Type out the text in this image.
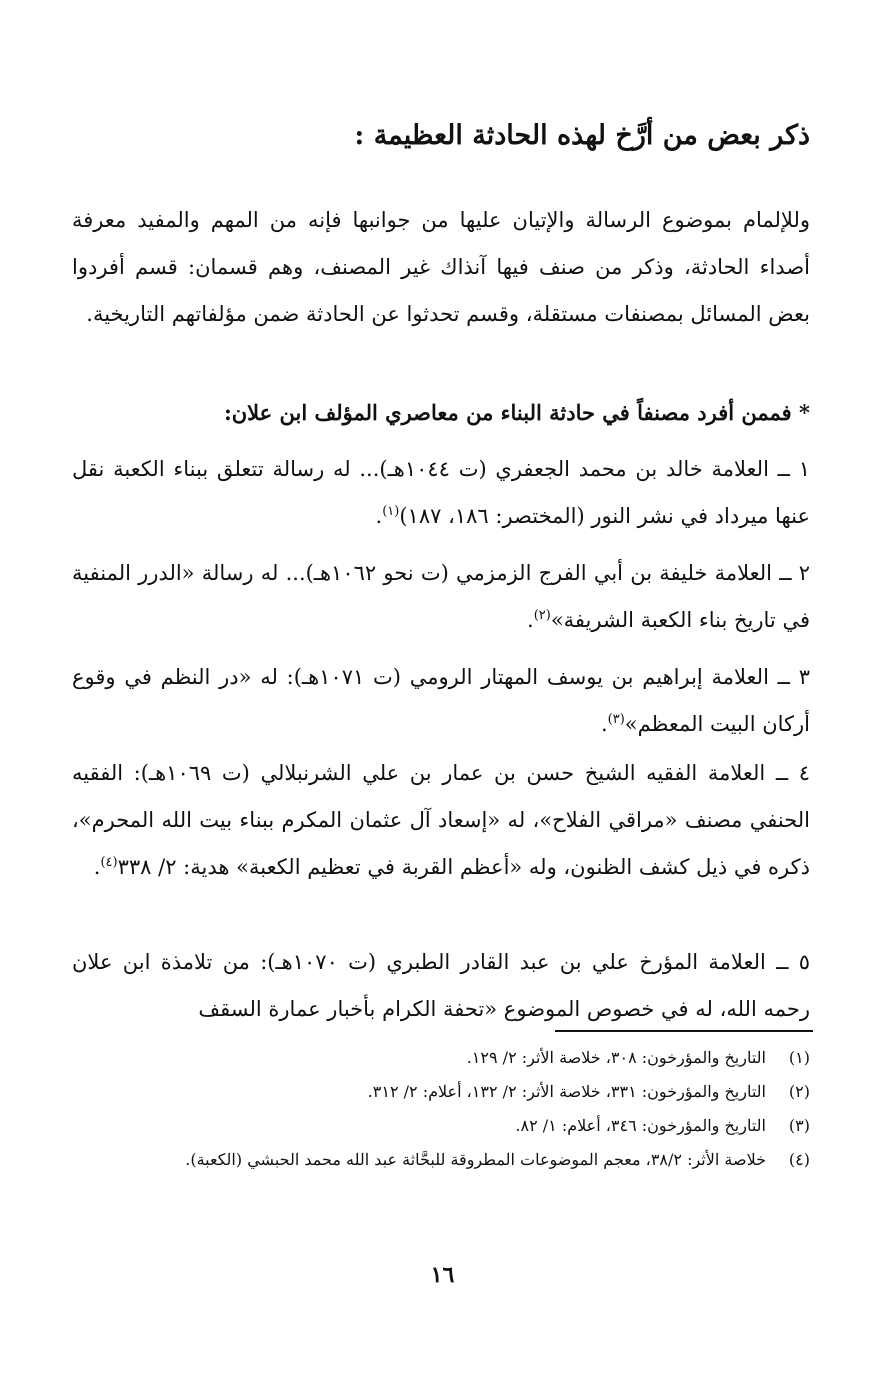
ذكر بعض من أرَّخ لهذه الحادثة العظيمة :

وللإلمام بموضوع الرسالة والإتيان عليها من جوانبها فإنه من المهم والمفيد معرفة أصداء الحادثة، وذكر من صنف فيها آنذاك غير المصنف، وهم قسمان: قسم أفردوا بعض المسائل بمصنفات مستقلة، وقسم تحدثوا عن الحادثة ضمن مؤلفاتهم التاريخية.

* فممن أفرد مصنفاً في حادثة البناء من معاصري المؤلف ابن علان:

١ ــ العلامة خالد بن محمد الجعفري (ت ١٠٤٤هـ)... له رسالة تتعلق ببناء الكعبة نقل عنها ميرداد في نشر النور (المختصر: ١٨٦، ١٨٧)$^{(١)}$.

٢ ــ العلامة خليفة بن أبي الفرج الزمزمي (ت نحو ١٠٦٢هـ)... له رسالة «الدرر المنفية في تاريخ بناء الكعبة الشريفة»$^{(٢)}$.

٣ ــ العلامة إبراهيم بن يوسف المهتار الرومي (ت ١٠٧١هـ): له «در النظم في وقوع أركان البيت المعظم»$^{(٣)}$.

٤ ــ العلامة الفقيه الشيخ حسن بن عمار بن علي الشرنبلالي (ت ١٠٦٩هـ): الفقيه الحنفي مصنف «مراقي الفلاح»، له «إسعاد آل عثمان المكرم ببناء بيت الله المحرم»، ذكره في ذيل كشف الظنون، وله «أعظم القربة في تعظيم الكعبة» هدية: ٢/ ٣٣٨$^{(٤)}$.

٥ ــ العلامة المؤرخ علي بن عبد القادر الطبري (ت ١٠٧٠هـ): من تلامذة ابن علان رحمه الله، له في خصوص الموضوع «تحفة الكرام بأخبار عمارة السقف

(١)
التاريخ والمؤرخون: ٣٠٨، خلاصة الأثر: ٢/ ١٢٩.
(٢)
التاريخ والمؤرخون: ٣٣١، خلاصة الأثر: ٢/ ١٣٢، أعلام: ٢/ ٣١٢.
(٣)
التاريخ والمؤرخون: ٣٤٦، أعلام: ١/ ٨٢.
(٤)
خلاصة الأثر: ٣٨/٢، معجم الموضوعات المطروقة للبحَّاثة عبد الله محمد الحبشي (الكعبة).
١٦
